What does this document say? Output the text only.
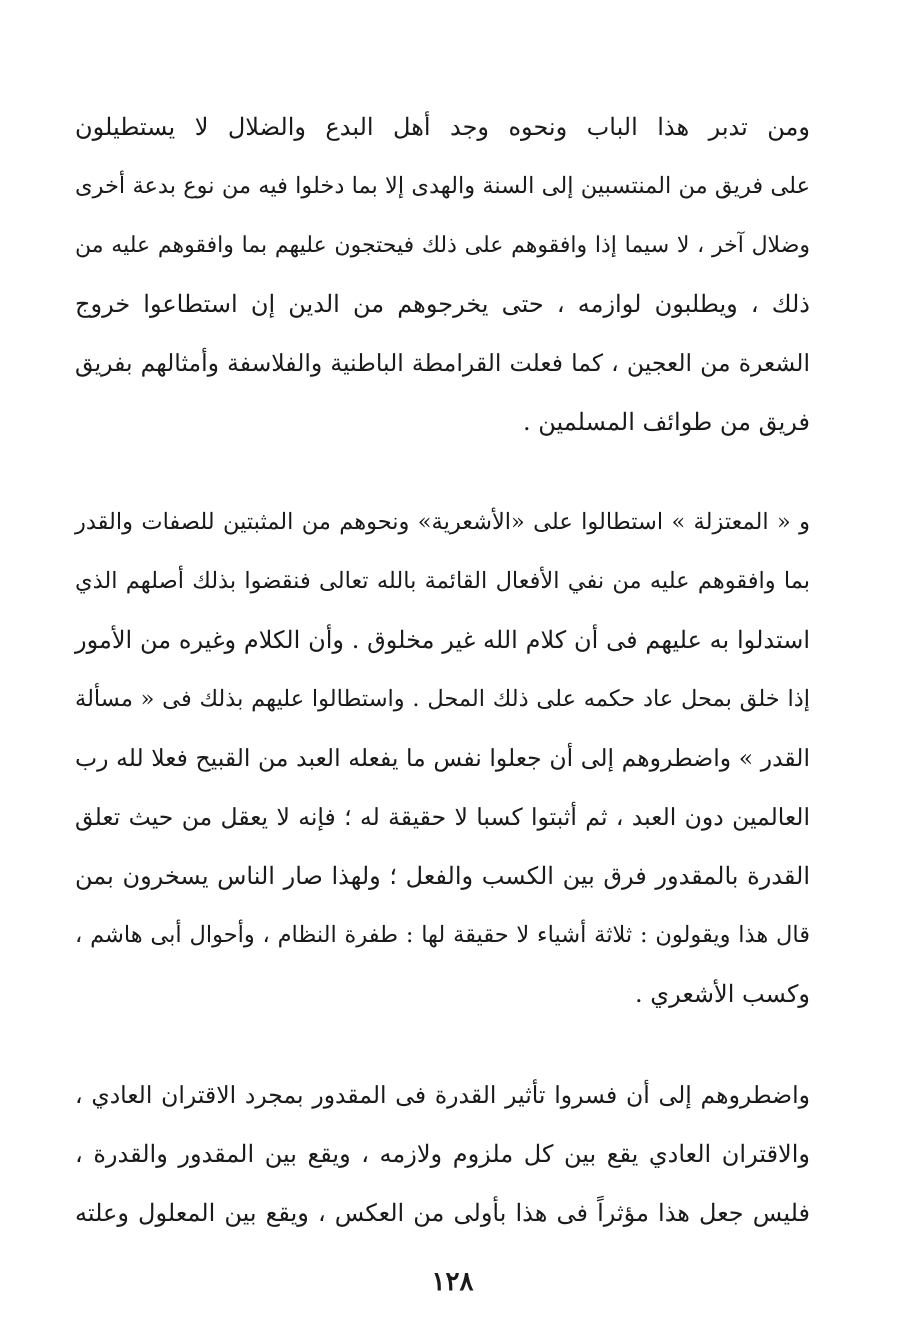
ومن تدبر هذا الباب ونحوه وجد أهل البدع والضلال لا يستطيلون
على فريق من المنتسبين إلى السنة والهدى إلا بما دخلوا فيه من نوع بدعة أخرى
وضلال آخر ، لا سيما إذا وافقوهم على ذلك فيحتجون عليهم بما وافقوهم عليه من
ذلك ، ويطلبون لوازمه ، حتى يخرجوهم من الدين إن استطاعوا خروج
الشعرة من العجين ، كما فعلت القرامطة الباطنية والفلاسفة وأمثالهم بفريق
فريق من طوائف المسلمين .
و « المعتزلة » استطالوا على «الأشعرية» ونحوهم من المثبتين للصفات والقدر
بما وافقوهم عليه من نفي الأفعال القائمة بالله تعالى فنقضوا بذلك أصلهم الذي
استدلوا به عليهم فى أن كلام الله غير مخلوق . وأن الكلام وغيره من الأمور
إذا خلق بمحل عاد حكمه على ذلك المحل . واستطالوا عليهم بذلك فى « مسألة
القدر » واضطروهم إلى أن جعلوا نفس ما يفعله العبد من القبيح فعلا لله رب
العالمين دون العبد ، ثم أثبتوا كسبا لا حقيقة له ؛ فإنه لا يعقل من حيث تعلق
القدرة بالمقدور فرق بين الكسب والفعل ؛ ولهذا صار الناس يسخرون بمن
قال هذا ويقولون : ثلاثة أشياء لا حقيقة لها : طفرة النظام ، وأحوال أبى هاشم ،
وكسب الأشعري .
واضطروهم إلى أن فسروا تأثير القدرة فى المقدور بمجرد الاقتران العادي ،
والاقتران العادي يقع بين كل ملزوم ولازمه ، ويقع بين المقدور والقدرة ،
فليس جعل هذا مؤثراً فى هذا بأولى من العكس ، ويقع بين المعلول وعلته
١٢٨
